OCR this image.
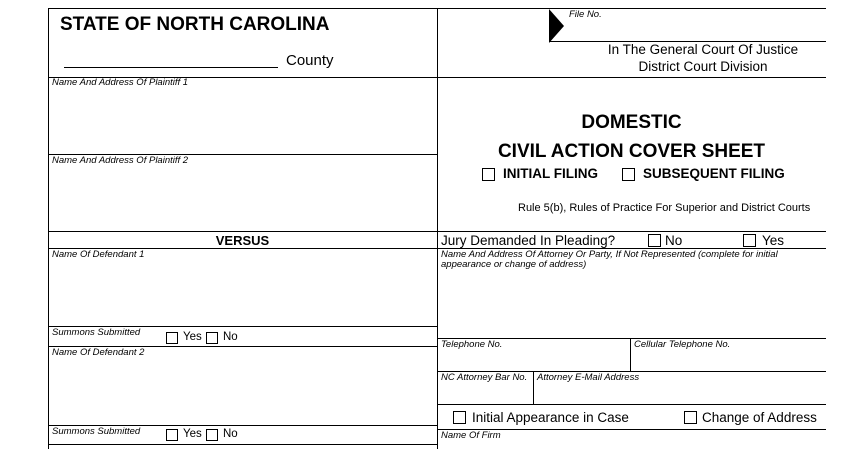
STATE OF NORTH CAROLINA
County
File No.
In The General Court Of Justice
District Court Division
Name And Address Of Plaintiff 1
Name And Address Of Plaintiff 2
VERSUS
Name Of Defendant 1
Summons Submitted	Yes No
Name Of Defendant 2
Summons Submitted	Yes No
DOMESTIC
CIVIL ACTION COVER SHEET
INITIAL FILING	SUBSEQUENT FILING
Rule 5(b), Rules of Practice For Superior and District Courts
Jury Demanded In Pleading?	No	Yes
Name And Address Of Attorney Or Party, If Not Represented (complete for initial
appearance or change of address)
Telephone No.	Cellular Telephone No.
NC Attorney Bar No. Attorney E-Mail Address
Initial Appearance in Case	Change of Address
Name Of Firm
